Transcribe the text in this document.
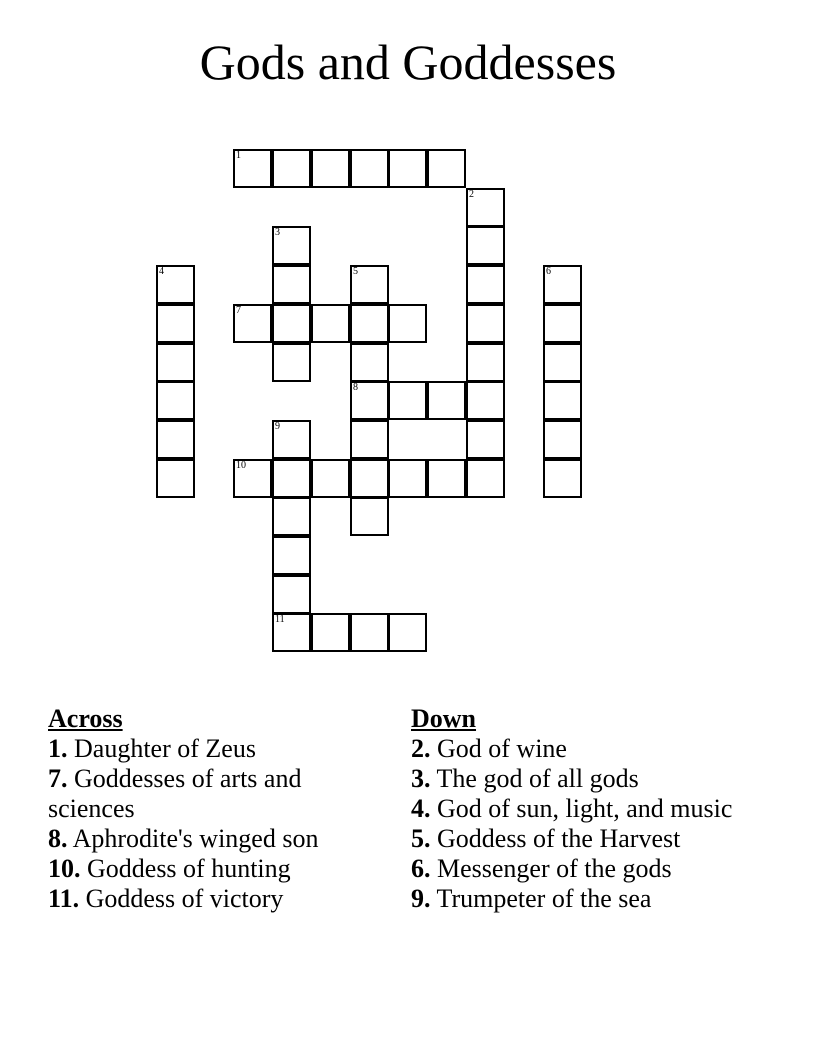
Gods and Goddesses
1
2
3
4	5	6
7
8
9
10
11
Across
1. Daughter of Zeus
7. Goddesses of arts and sciences
8. Aphrodite's winged son
10. Goddess of hunting
11. Goddess of victory
Down
2. God of wine
3. The god of all gods
4. God of sun, light, and music
5. Goddess of the Harvest
6. Messenger of the gods
9. Trumpeter of the sea
